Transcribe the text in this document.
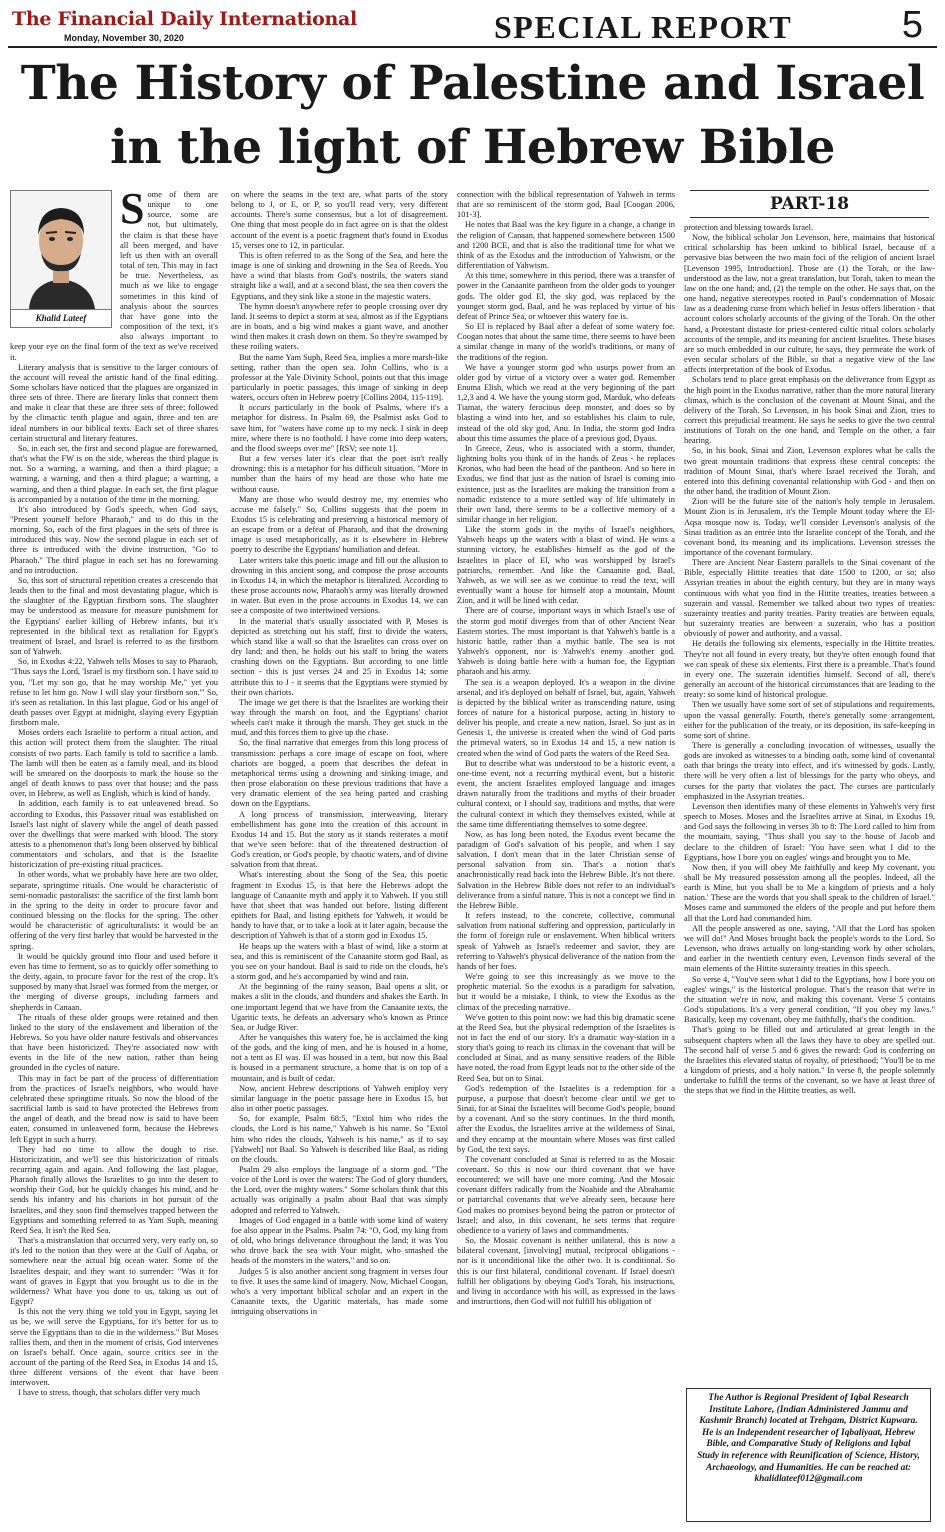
The Financial Daily International
Monday, November 30, 2020	SPECIAL REPORT	5
The History of Palestine and Israel
in the light of Hebrew Bible
Khalid Lateef
S ome of them are unique to one source, some are not, but ultimately, the claim is that these have all been merged, and have left us then with an overall total of ten. This may in fact be true. Nevertheless, as much as we like to engage sometimes in this kind of analysis about the sources that have gone into the composition of the text, it's also always important to keep your eye on the final form of the text as we've received it.

Literary analysis that is sensitive to the larger contours of the account will reveal the artistic hand of the final editing. Some scholars have noticed that the plagues are organized in three sets of three. There are literary links that connect them and make it clear that these are three sets of three; followed by the climactic tenth plague and again, three and ten are ideal numbers in our biblical texts. Each set of three shares certain structural and literary features.

So, in each set, the first and second plague are forewarned, that's what the FW is on the side, whereas the third plague is not. So a warning, a warning, and then a third plague; a warning, a warning, and then a third plague; a warning, a warning, and then a third plague. In each set, the first plague is accompanied by a notation of the time in the morning.

It's also introduced by God's speech, when God says, "Present yourself before Pharaoh," and to do this in the morning. So, each of the first plagues in the sets of three is introduced this way. Now the second plague in each set of three is introduced with the divine instruction, "Go to Pharaoh." The third plague in each set has no forewarning and no introduction.

So, this sort of structural repetition creates a crescendo that leads then to the final and most devastating plague, which is the slaughter of the Egyptian firstborn sons. The slaughter may be understood as measure for measure punishment for the Egyptians' earlier killing of Hebrew infants, but it's represented in the biblical text as retaliation for Egypt's treatment of Israel, and Israel is referred to as the firstborn son of Yahweh.

So, in Exodus 4:22, Yahweh tells Moses to say to Pharaoh, "Thus says the Lord, 'Israel is my firstborn son. I have said to you, "Let my son go, that he may worship Me," yet you refuse to let him go. Now I will slay your firstborn son.'" So, it's seen as retaliation. In this last plague, God or his angel of death passes over Egypt at midnight, slaying every Egyptian firstborn male.

Moses orders each Israelite to perform a ritual action, and this action will protect them from the slaughter. The ritual consists of two parts. Each family is told to sacrifice a lamb. The lamb will then be eaten as a family meal, and its blood will be smeared on the doorposts to mark the house so the angel of death knows to pass over that house; and the pass over, in Hebrew, as well as English, which is kind of handy.

In addition, each family is to eat unleavened bread. So according to Exodus, this Passover ritual was established on Israel's last night of slavery while the angel of death passed over the dwellings that were marked with blood. The story attests to a phenomenon that's long been observed by biblical commentators and scholars, and that is the Israelite historicization of pre-existing ritual practices.

In other words, what we probably have here are two older, separate, springtime rituals. One would be characteristic of semi-nomadic pastoralists: the sacrifice of the first lamb born in the spring to the deity in order to procure favor and continued blessing on the flocks for the spring. The other would be characteristic of agriculturalists: it would be an offering of the very first barley that would be harvested in the spring.

It would be quickly ground into flour and used before it even has time to ferment, so as to quickly offer something to the deity, again, to procure favor for the rest of the crop. It's supposed by many that Israel was formed from the merger, or the merging of diverse groups, including farmers and shepherds in Canaan.

The rituals of these older groups were retained and then linked to the story of the enslavement and liberation of the Hebrews. So you have older nature festivals and observances that have been historicized. They're associated now with events in the life of the new nation, rather than being grounded in the cycles of nature.

This may in fact be part of the process of differentiation from the practices of Israel's neighbors, who would have celebrated these springtime rituals. So now the blood of the sacrificial lamb is said to have protected the Hebrews from the angel of death, and the bread now is said to have been eaten, consumed in unleavened form, because the Hebrews left Egypt in such a hurry.

They had no time to allow the dough to rise. Historicization, and we'll see this historicization of rituals recurring again and again. And following the last plague, Pharaoh finally allows the Israelites to go into the desert to worship their God, but he quickly changes his mind, and he sends his infantry and his chariots in hot pursuit of the Israelites, and they soon find themselves trapped between the Egyptians and something referred to as Yam Suph, meaning Reed Sea. It isn't the Red Sea.

That's a mistranslation that occurred very, very early on, so it's led to the notion that they were at the Gulf of Aqaba, or somewhere near the actual big ocean water. Some of the Israelites despair, and they want to surrender: "Was it for want of graves in Egypt that you brought us to die in the wilderness? What have you done to us, taking us out of Egypt?

Is this not the very thing we told you in Egypt, saying let us be, we will serve the Egyptians, for it's better for us to serve the Egyptians than to die in the wilderness." But Moses rallies them, and then in the moment of crisis, God intervenes on Israel's behalf. Once again, source critics see in the account of the parting of the Reed Sea, in Exodus 14 and 15, three different versions of the event that have been interwoven.

I have to stress, though, that scholars differ very much

on where the seams in the text are, what parts of the story belong to J, or E, or P, so you'll read very, very different accounts. There's some consensus, but a lot of disagreement. One thing that most people do in fact agree on is that the oldest account of the event is a poetic fragment that's found in Exodus 15, verses one to 12, in particular.

This is often referred to as the Song of the Sea, and here the image is one of sinking and drowning in the Sea of Reeds. You have a wind that blasts from God's nostrils, the waters stand straight like a wall, and at a second blast, the sea then covers the Egyptians, and they sink like a stone in the majestic waters.

The hymn doesn't anywhere refer to people crossing over dry land. It seems to depict a storm at sea, almost as if the Egyptians are in boats, and a big wind makes a giant wave, and another wind then makes it crash down on them. So they're swamped by these roiling waters.

But the name Yam Suph, Reed Sea, implies a more marsh-like setting, rather than the open sea. John Collins, who is a professor at the Yale Divinity School, points out that this image particularly in poetic passages, this image of sinking in deep waters, occurs often in Hebrew poetry [Collins 2004, 115-119].

It occurs particularly in the book of Psalms, where it's a metaphor for distress. In Psalm 69, the Psalmist asks God to save him, for "waters have come up to my neck. I sink in deep mire, where there is no foothold. I have come into deep waters, and the flood sweeps over me" [RSV; see note 1].

But a few verses later it's clear that the poet isn't really drowning: this is a metaphor for his difficult situation. "More in number than the hairs of my head are those who hate me without cause.

Many are those who would destroy me, my enemies who accuse me falsely." So, Collins suggests that the poem in Exodus 15 is celebrating and preserving a historical memory of an escape from or a defeat of Pharaoh, and that the drowning image is used metaphorically, as it is elsewhere in Hebrew poetry to describe the Egyptians' humiliation and defeat.

Later writers take this poetic image and fill out the allusion to drowning in this ancient song, and compose the prose accounts in Exodus 14, in which the metaphor is literalized. According to these prose accounts now, Pharaoh's army was literally drowned in water. But even in the prose accounts in Exodus 14, we can see a composite of two intertwined versions.

In the material that's usually associated with P, Moses is depicted as stretching out his staff, first to divide the waters, which stand like a wall so that the Israelites can cross over on dry land; and then, he holds out his staff to bring the waters crashing down on the Egyptians. But according to one little section - this is just verses 24 and 25 in Exodus 14; some attribute this to J - it seems that the Egyptians were stymied by their own chariots.

The image we get there is that the Israelites are working their way through the marsh on foot, and the Egyptians' chariot wheels can't make it through the marsh. They get stuck in the mud, and this forces them to give up the chase.

So, the final narrative that emerges from this long process of transmission: perhaps a core image of escape on foot, where chariots are bogged, a poem that describes the defeat in metaphorical terms using a drowning and sinking image, and then prose elaboration on these previous traditions that have a very dramatic element of the sea being parted and crashing down on the Egyptians.

A long process of transmission, interweaving, literary embellishment has gone into the creation of this account in Exodus 14 and 15. But the story as it stands reiterates a motif that we've seen before: that of the threatened destruction of God's creation, or God's people, by chaotic waters, and of divine salvation from that threat.

What's interesting about the Song of the Sea, this poetic fragment in Exodus 15, is that here the Hebrews adopt the language of Canaanite myth and apply it to Yahweh. If you still have that sheet that was handed out before, listing different epithets for Baal, and listing epithets for Yahweh, it would be handy to have that, or to take a look at it later again, because the description of Yahweh is that of a storm god in Exodus 15.

He heaps up the waters with a blast of wind, like a storm at sea, and this is reminiscent of the Canaanite storm god Baal, as you see on your handout. Baal is said to ride on the clouds, he's a storm god, and he's accompanied by wind and rain.

At the beginning of the rainy season, Baal opens a slit, or makes a slit in the clouds, and thunders and shakes the Earth. In one important legend that we have from the Canaanite texts, the Ugaritic texts, he defeats an adversary who's known as Prince Sea, or Judge River.

After he vanquishes this watery foe, he is acclaimed the king of the gods, and the king of men, and he is housed in a home, not a tent as El was. El was housed in a tent, but now this Baal is housed in a permanent structure, a home that is on top of a mountain, and is built of cedar.

Now, ancient Hebrew descriptions of Yahweh employ very similar language in the poetic passage here in Exodus 15, but also in other poetic passages.

So, for example, Psalm 68:5, "Extol him who rides the clouds, the Lord is his name," Yahweh is his name. So "Extol him who rides the clouds, Yahweh is his name," as if to say [Yahweh] not Baal. So Yahweh is described like Baal, as riding on the clouds.

Psalm 29 also employs the language of a storm god. "The voice of the Lord is over the waters: The God of glory thunders, the Lord, over the mighty waters." Some scholars think that this actually was originally a psalm about Baal that was simply adopted and referred to Yahweh.

Images of God engaged in a battle with some kind of watery foe also appear in the Psalms. Psalm 74: "O, God, my king from of old, who brings deliverance throughout the land; it was You who drove back the sea with Your might, who smashed the heads of the monsters in the waters," and so on.

Judges 5 is also another ancient song fragment in verses four to five. It uses the same kind of imagery. Now, Michael Coogan, who's a very important biblical scholar and an expert in the Canaanite texts, the Ugaritic materials, has made some intriguing observations in

connection with the biblical representation of Yahweh in terms that are so reminiscent of the storm god, Baal [Coogan 2006, 101-3].

He notes that Baal was the key figure in a change, a change in the religion of Canaan, that happened somewhere between 1500 and 1200 BCE, and that is also the traditional time for what we think of as the Exodus and the introduction of Yahwism, or the differentiation of Yahwism.

At this time, somewhere in this period, there was a transfer of power in the Canaanite pantheon from the older gods to younger gods. The older god El, the sky god, was replaced by the younger storm god, Baal, and he was replaced by virtue of his defeat of Prince Sea, or whoever this watery foe is.

So El is replaced by Baal after a defeat of some watery foe. Coogan notes that about the same time, there seems to have been a similar change in many of the world's traditions, or many of the traditions of the region.

We have a younger storm god who usurps power from an older god by virtue of a victory over a water god. Remember Enuma Elish, which we read at the very beginning of the part 1,2,3 and 4. We have the young storm god, Marduk, who defeats Tiamat, the watery ferocious deep monster, and does so by blasting a wind into her, and so establishes his claim to rule, instead of the old sky god, Anu. In India, the storm god Indra about this time assumes the place of a previous god, Dyaus.

In Greece, Zeus, who is associated with a storm, thunder, lightning bolts you think of in the hands of Zeus - he replaces Kronos, who had been the head of the pantheon. And so here in Exodus, we find that just as the nation of Israel is coming into existence, just as the Israelites are making the transition from a nomadic existence to a more settled way of life ultimately in their own land, there seems to be a collective memory of a similar change in her religion.

Like the storm gods in the myths of Israel's neighbors, Yahweh heaps up the waters with a blast of wind. He wins a stunning victory, he establishes himself as the god of the Israelites in place of El, who was worshipped by Israel's patriarchs, remember. And like the Canaanite god, Baal, Yahweh, as we will see as we continue to read the text, will eventually want a house for himself atop a mountain, Mount Zion, and it will be lined with cedar.

There are of course, important ways in which Israel's use of the storm god motif diverges from that of other Ancient Near Eastern stories. The most important is that Yahweh's battle is a historic battle, rather than a mythic battle. The sea is not Yahweh's opponent, nor is Yahweh's enemy another god. Yahweh is doing battle here with a human foe, the Egyptian pharaoh and his army.

The sea is a weapon deployed. It's a weapon in the divine arsenal, and it's deployed on behalf of Israel, but, again, Yahweh is depicted by the biblical writer as transcending nature, using forces of nature for a historical purpose, acting in history to deliver his people, and create a new nation, Israel. So just as in Genesis 1, the universe is created when the wind of God parts the primeval waters, so in Exodus 14 and 15, a new nation is created when the wind of God parts the waters of the Reed Sea.

But to describe what was understood to be a historic event, a one-time event, not a recurring mythical event, but a historic event, the ancient Israelites employed language and images drawn naturally from the traditions and myths of their broader cultural context, or I should say, traditions and myths, that were the cultural context in which they themselves existed, while at the same time differentiating themselves to some degree.

Now, as has long been noted, the Exodus event became the paradigm of God's salvation of his people, and when I say salvation, I don't mean that in the later Christian sense of personal salvation from sin. That's a notion that's anachronistically read back into the Hebrew Bible. It's not there. Salvation in the Hebrew Bible does not refer to an individual's deliverance from a sinful nature. This is not a concept we find in the Hebrew Bible.

It refers instead, to the concrete, collective, communal salvation from national suffering and oppression, particularly in the form of foreign rule or enslavement. When biblical writers speak of Yahweh as Israel's redeemer and savior, they are referring to Yahweh's physical deliverance of the nation from the hands of her foes.

We're going to see this increasingly as we move to the prophetic material. So the exodus is a paradigm for salvation, but it would be a mistake, I think, to view the Exodus as the climax of the preceding narrative.

We've gotten to this point now: we had this big dramatic scene at the Reed Sea, but the physical redemption of the Israelites is not in fact the end of our story. It's a dramatic way-station in a story that's going to reach its climax in the covenant that will be concluded at Sinai, and as many sensitive readers of the Bible have noted, the road from Egypt leads not to the other side of the Reed Sea, but on to Sinai.

God's redemption of the Israelites is a redemption for a purpose, a purpose that doesn't become clear until we get to Sinai, for at Sinai the Israelites will become God's people, bound by a covenant. And so the story continues. In the third month, after the Exodus, the Israelites arrive at the wilderness of Sinai, and they encamp at the mountain where Moses was first called by God, the text says.

The covenant concluded at Sinai is referred to as the Mosaic covenant. So this is now our third covenant that we have encountered; we will have one more coming. And the Mosaic covenant differs radically from the Noahide and the Abrahamic or patriarchal covenants that we've already seen, because here God makes no promises beyond being the patron or protector of Israel; and also, in this covenant, he sets terms that require obedience to a variety of laws and commandments.

So, the Mosaic covenant is neither unilateral, this is now a bilateral covenant, [involving] mutual, reciprocal obligations - nor is it unconditional like the other two. It is conditional. So this is our first bilateral, conditional covenant. If Israel doesn't fulfill her obligations by obeying God's Torah, his instructions, and living in accordance with his will, as expressed in the laws and instructions, then God will not fulfill his obligation of

PART-18

protection and blessing towards Israel.

Now, the biblical scholar Jon Levenson, here, maintains that historical critical scholarship has been unkind to biblical Israel, because of a pervasive bias between the two main foci of the religion of ancient Israel [Levenson 1995, Introduction]. Those are (1) the Torah, or the law- understood as the law, not a great translation, but Torah, taken to mean the law on the one hand; and, (2) the temple on the other. He says that, on the one hand, negative stereotypes rooted in Paul's condemnation of Mosaic law as a deadening curse from which belief in Jesus offers liberation - that account colors scholarly accounts of the giving of the Torah. On the other hand, a Protestant distaste for priest-centered cultic ritual colors scholarly accounts of the temple, and its meaning for ancient Israelites. These biases are so much embedded in our culture, he says, they permeate the work of even secular scholars of the Bible, so that a negative view of the law affects interpretation of the book of Exodus.

Scholars tend to place great emphasis on the deliverance from Egypt as the high point in the Exodus narrative, rather than the more natural literary climax, which is the conclusion of the covenant at Mount Sinai, and the delivery of the Torah. So Levenson, in his book Sinai and Zion, tries to correct this prejudicial treatment. He says he seeks to give the two central institutions of Torah on the one hand, and Temple on the other, a fair hearing.

So, in his book, Sinai and Zion, Levenson explores what he calls the two great mountain traditions that express these central concepts: the tradition of Mount Sinai, that's where Israel received the Torah, and entered into this defining covenantal relationship with God - and then on the other hand, the tradition of Mount Zion.

Zion will be the future site of the nation's holy temple in Jerusalem. Mount Zion is in Jerusalem, it's the Temple Mount today where the El-Aqsa mosque now is. Today, we'll consider Levenson's analysis of the Sinai tradition as an entrée into the Israelite concept of the Torah, and the covenant bond, its meaning and its implications. Levenson stresses the importance of the covenant formulary.

There are Ancient Near Eastern parallels to the Sinai covenant of the Bible, especially Hittite treaties that date 1500 to 1200, or so; also Assyrian treaties in about the eighth century, but they are in many ways continuous with what you find in the Hittite treaties, treaties between a suzerain and vassal. Remember we talked about two types of treaties: suzerainty treaties and parity treaties. Parity treaties are between equals, but suzerainty treaties are between a suzerain, who has a position obviously of power and authority, and a vassal.

He details the following six elements, especially in the Hittite treaties. They're not all found in every treaty, but they're often enough found that we can speak of these six elements. First there is a preamble. That's found in every one. The suzerain identifies himself. Second of all, there's generally an account of the historical circumstances that are leading to the treaty: so some kind of historical prologue.

Then we usually have some sort of set of stipulations and requirements, upon the vassal generally. Fourth, there's generally some arrangement, either for the publication of the treaty, or its deposition, its safe-keeping in some sort of shrine.

There is generally a concluding invocation of witnesses, usually the gods are invoked as witnesses to a binding oath, some kind of covenantal oath that brings the treaty into effect, and it's witnessed by gods. Lastly, there will be very often a list of blessings for the party who obeys, and curses for the party that violates the pact. The curses are particularly emphasized in the Assyrian treaties.

Levenson then identifies many of these elements in Yahweh's very first speech to Moses. Moses and the Israelites arrive at Sinai, in Exodus 19, and God says the following in verses 3b to 8: The Lord called to him from the mountain, saying, "Thus shall you say to the house of Jacob and declare to the children of Israel: 'You have seen what I did to the Egyptians, how I bore you on eagles' wings and brought you to Me.

Now then, if you will obey Me faithfully and keep My covenant, you shall be My treasured possession among all the peoples. Indeed, all the earth is Mine, but you shall be to Me a kingdom of priests and a holy nation.' These are the words that you shall speak to the children of Israel." Moses came and summoned the elders of the people and put before them all that the Lord had commanded him.

All the people answered as one, saying, "All that the Lord has spoken we will do!" And Moses brought back the people's words to the Lord. So Levenson, who draws actually on long-standing work by other scholars, and earlier in the twentieth century even, Levenson finds several of the main elements of the Hittite suzerainty treaties in this speech.

So verse 4, "You've seen what I did to the Egyptians, how I bore you on eagles' wings," is the historical prologue. That's the reason that we're in the situation we're in now, and making this covenant. Verse 5 contains God's stipulations. It's a very general condition, "If you obey my laws." Basically, keep my covenant, obey me faithfully, that's the condition.

That's going to be filled out and articulated at great length in the subsequent chapters when all the laws they have to obey are spelled out. The second half of verse 5 and 6 gives the reward: God is conferring on the Israelites this elevated status of royalty, of priesthood; "You'll be to me a kingdom of priests, and a holy nation." In verse 8, the people solemnly undertake to fulfill the terms of the covenant, so we have at least three of the steps that we find in the Hittite treaties, as well.

The Author is Regional President of Iqbal Research Institute Lahore, (Indian Administered Jammu and Kashmir Branch) located at Trehgam, District Kupwara. He is an Independent researcher of Iqbaliyaat, Hebrew Bible, and Comparative Study of Religions and Iqbal Study in reference with Reunification of Science, History, Archaeology, and Humanities. He can be reached at: khalidlateef012@gmail.com
